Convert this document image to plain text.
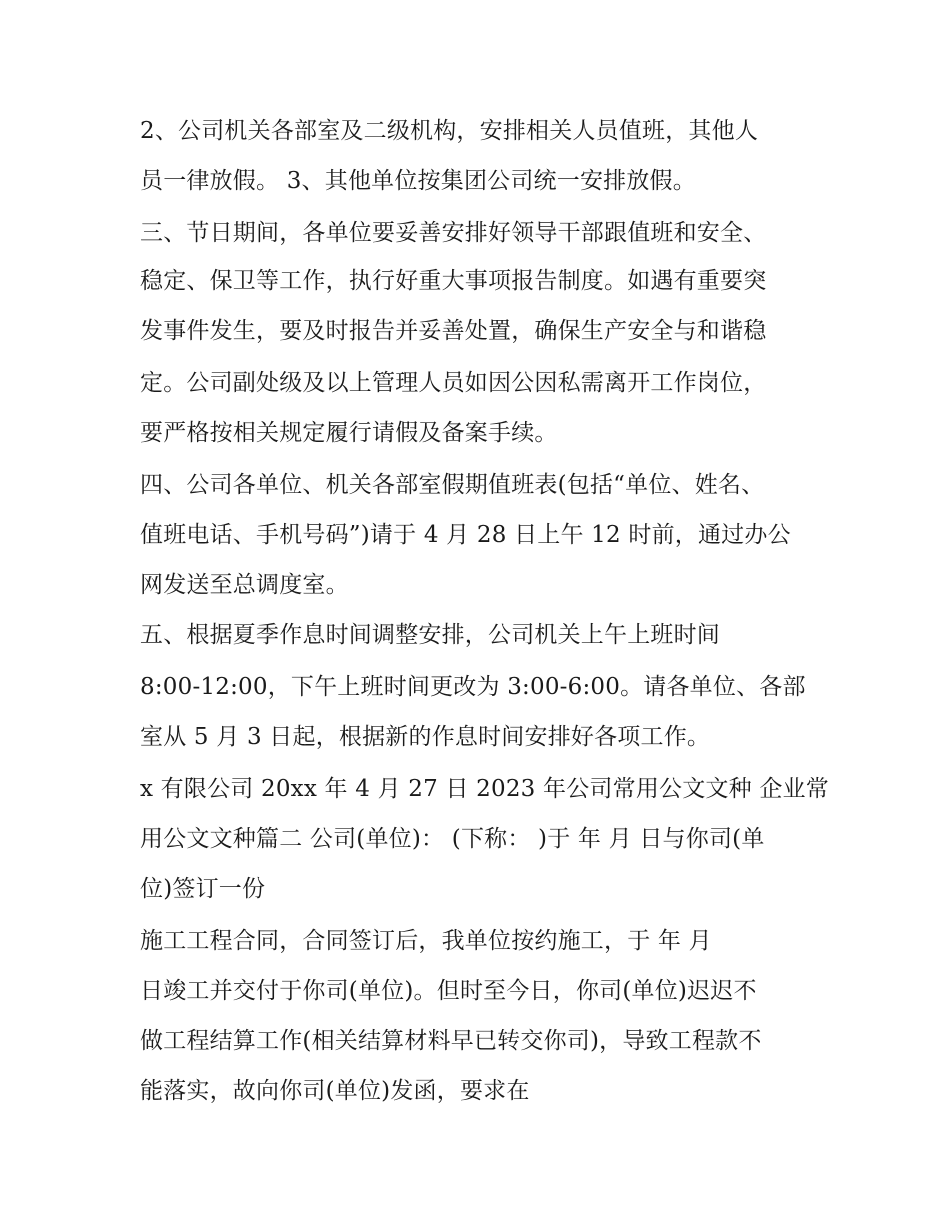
2、公司机关各部室及二级机构，安排相关人员值班，其他人
员一律放假。 3、其他单位按集团公司统一安排放假。
三、节日期间，各单位要妥善安排好领导干部跟值班和安全、
稳定、保卫等工作，执行好重大事项报告制度。如遇有重要突
发事件发生，要及时报告并妥善处置，确保生产安全与和谐稳
定。公司副处级及以上管理人员如因公因私需离开工作岗位，
要严格按相关规定履行请假及备案手续。
四、公司各单位、机关各部室假期值班表(包括“单位、姓名、
值班电话、手机号码”)请于 4 月 28 日上午 12 时前，通过办公
网发送至总调度室。
五、根据夏季作息时间调整安排，公司机关上午上班时间
8:00-12:00，下午上班时间更改为 3:00-6:00。请各单位、各部
室从 5 月 3 日起，根据新的作息时间安排好各项工作。
x 有限公司 20xx 年 4 月 27 日 2023 年公司常用公文文种 企业常
用公文文种篇二 公司(单位)： (下称： )于 年 月 日与你司(单
位)签订一份
施工工程合同，合同签订后，我单位按约施工，于 年 月
日竣工并交付于你司(单位)。但时至今日，你司(单位)迟迟不
做工程结算工作(相关结算材料早已转交你司)，导致工程款不
能落实，故向你司(单位)发函，要求在
